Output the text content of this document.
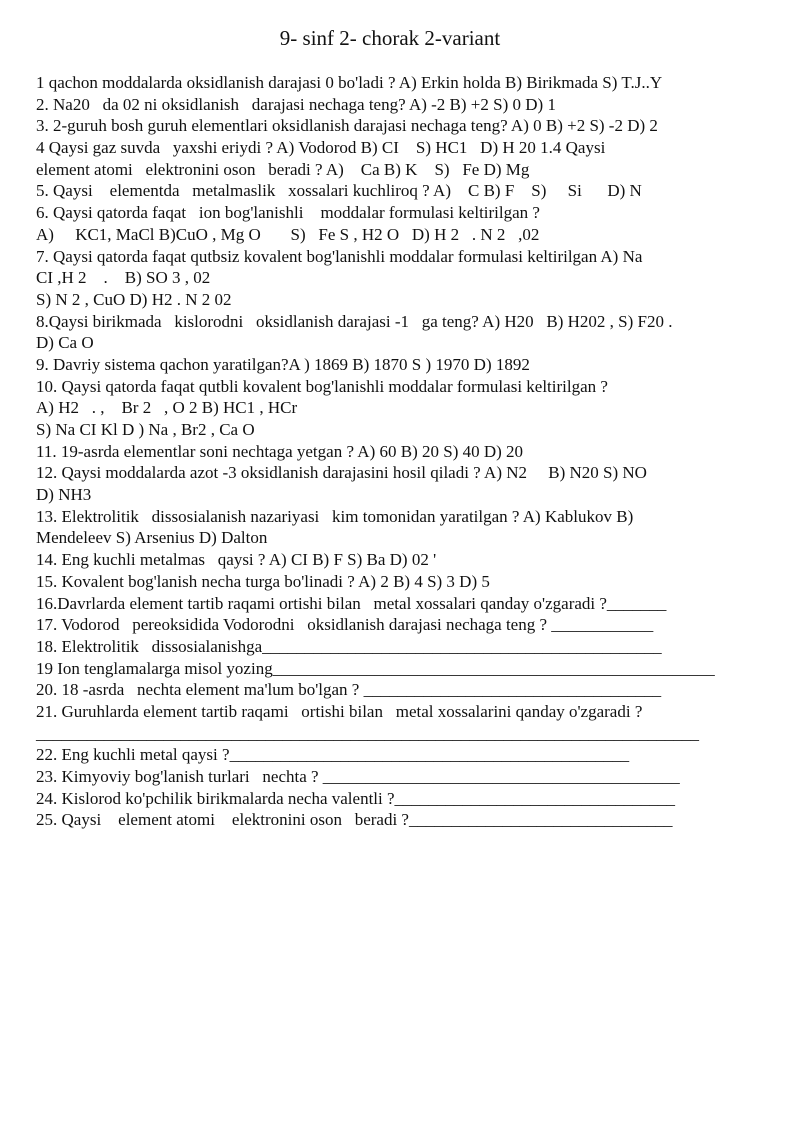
9- sinf 2- chorak 2-variant
1 qachon moddalarda oksidlanish darajasi 0 bo'ladi ? A) Erkin holda B) Birikmada S) T.J..Y
2. Na20   da 02 ni oksidlanish   darajasi nechaga teng? A) -2 B) +2 S) 0 D) 1
3. 2-guruh bosh guruh elementlari oksidlanish darajasi nechaga teng? A) 0 B) +2 S) -2 D) 2
4 Qaysi gaz suvda   yaxshi eriydi ? A) Vodorod B) CI    S) HC1   D) H 20 1.4 Qaysi
element atomi   elektronini oson   beradi ? A)    Ca B) K    S)   Fe D) Mg
5. Qaysi    elementda   metalmaslik   xossalari kuchliroq ? A)    C B) F    S)     Si      D) N
6. Qaysi qatorda faqat   ion bog'lanishli    moddalar formulasi keltirilgan ?
A)     KC1, MaCl B)CuO , Mg O       S)   Fe S , H2 O   D) H 2   . N 2   ,02
7. Qaysi qatorda faqat qutbsiz kovalent bog'lanishli moddalar formulasi keltirilgan A) Na
CI ,H 2    .    B) SO 3 , 02
S) N 2 , CuO D) H2 . N 2 02
8.Qaysi birikmada   kislorodni   oksidlanish darajasi -1   ga teng? A) H20   B) H202 , S) F20 .
D) Ca O
9. Davriy sistema qachon yaratilgan?A ) 1869 B) 1870 S ) 1970 D) 1892
10. Qaysi qatorda faqat qutbli kovalent bog'lanishli moddalar formulasi keltirilgan ?
A) H2   . ,    Br 2   , O 2 B) HC1 , HCr
S) Na CI Kl D ) Na , Br2 , Ca O
11. 19-asrda elementlar soni nechtaga yetgan ? A) 60 B) 20 S) 40 D) 20
12. Qaysi moddalarda azot -3 oksidlanish darajasini hosil qiladi ? A) N2     B) N20 S) NO
D) NH3
13. Elektrolitik   dissosialanish nazariyasi   kim tomonidan yaratilgan ? A) Kablukov B)
Mendeleev S) Arsenius D) Dalton
14. Eng kuchli metalmas   qaysi ? A) CI B) F S) Ba D) 02 '
15. Kovalent bog'lanish necha turga bo'linadi ? A) 2 B) 4 S) 3 D) 5
16.Davrlarda element tartib raqami ortishi bilan   metal xossalari qanday o'zgaradi ?_______
17. Vodorod   pereoksidida Vodorodni   oksidlanish darajasi nechaga teng ? ____________
18. Elektrolitik   dissosialanishga_______________________________________________
19 Ion tenglamalarga misol yozing____________________________________________________
20. 18 -asrda   nechta element ma'lum bo'lgan ? ___________________________________
21. Guruhlarda element tartib raqami   ortishi bilan   metal xossalarini qanday o'zgaradi ?
______________________________________________________________________________
22. Eng kuchli metal qaysi ?_______________________________________________
23. Kimyoviy bog'lanish turlari   nechta ? __________________________________________
24. Kislorod ko'pchilik birikmalarda necha valentli ?_________________________________
25. Qaysi    element atomi    elektronini oson   beradi ?_______________________________
